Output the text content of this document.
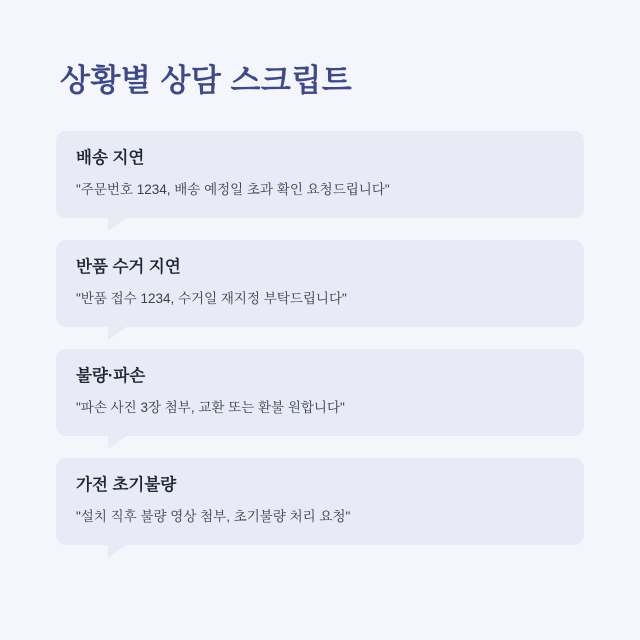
상황별 상담 스크립트
배송 지연
"주문번호 1234, 배송 예정일 초과 확인 요청드립니다"
반품 수거 지연
"반품 접수 1234, 수거일 재지정 부탁드립니다"
불량·파손
"파손 사진 3장 첨부, 교환 또는 환불 원합니다"
가전 초기불량
"설치 직후 불량 영상 첨부, 초기불량 처리 요청"
